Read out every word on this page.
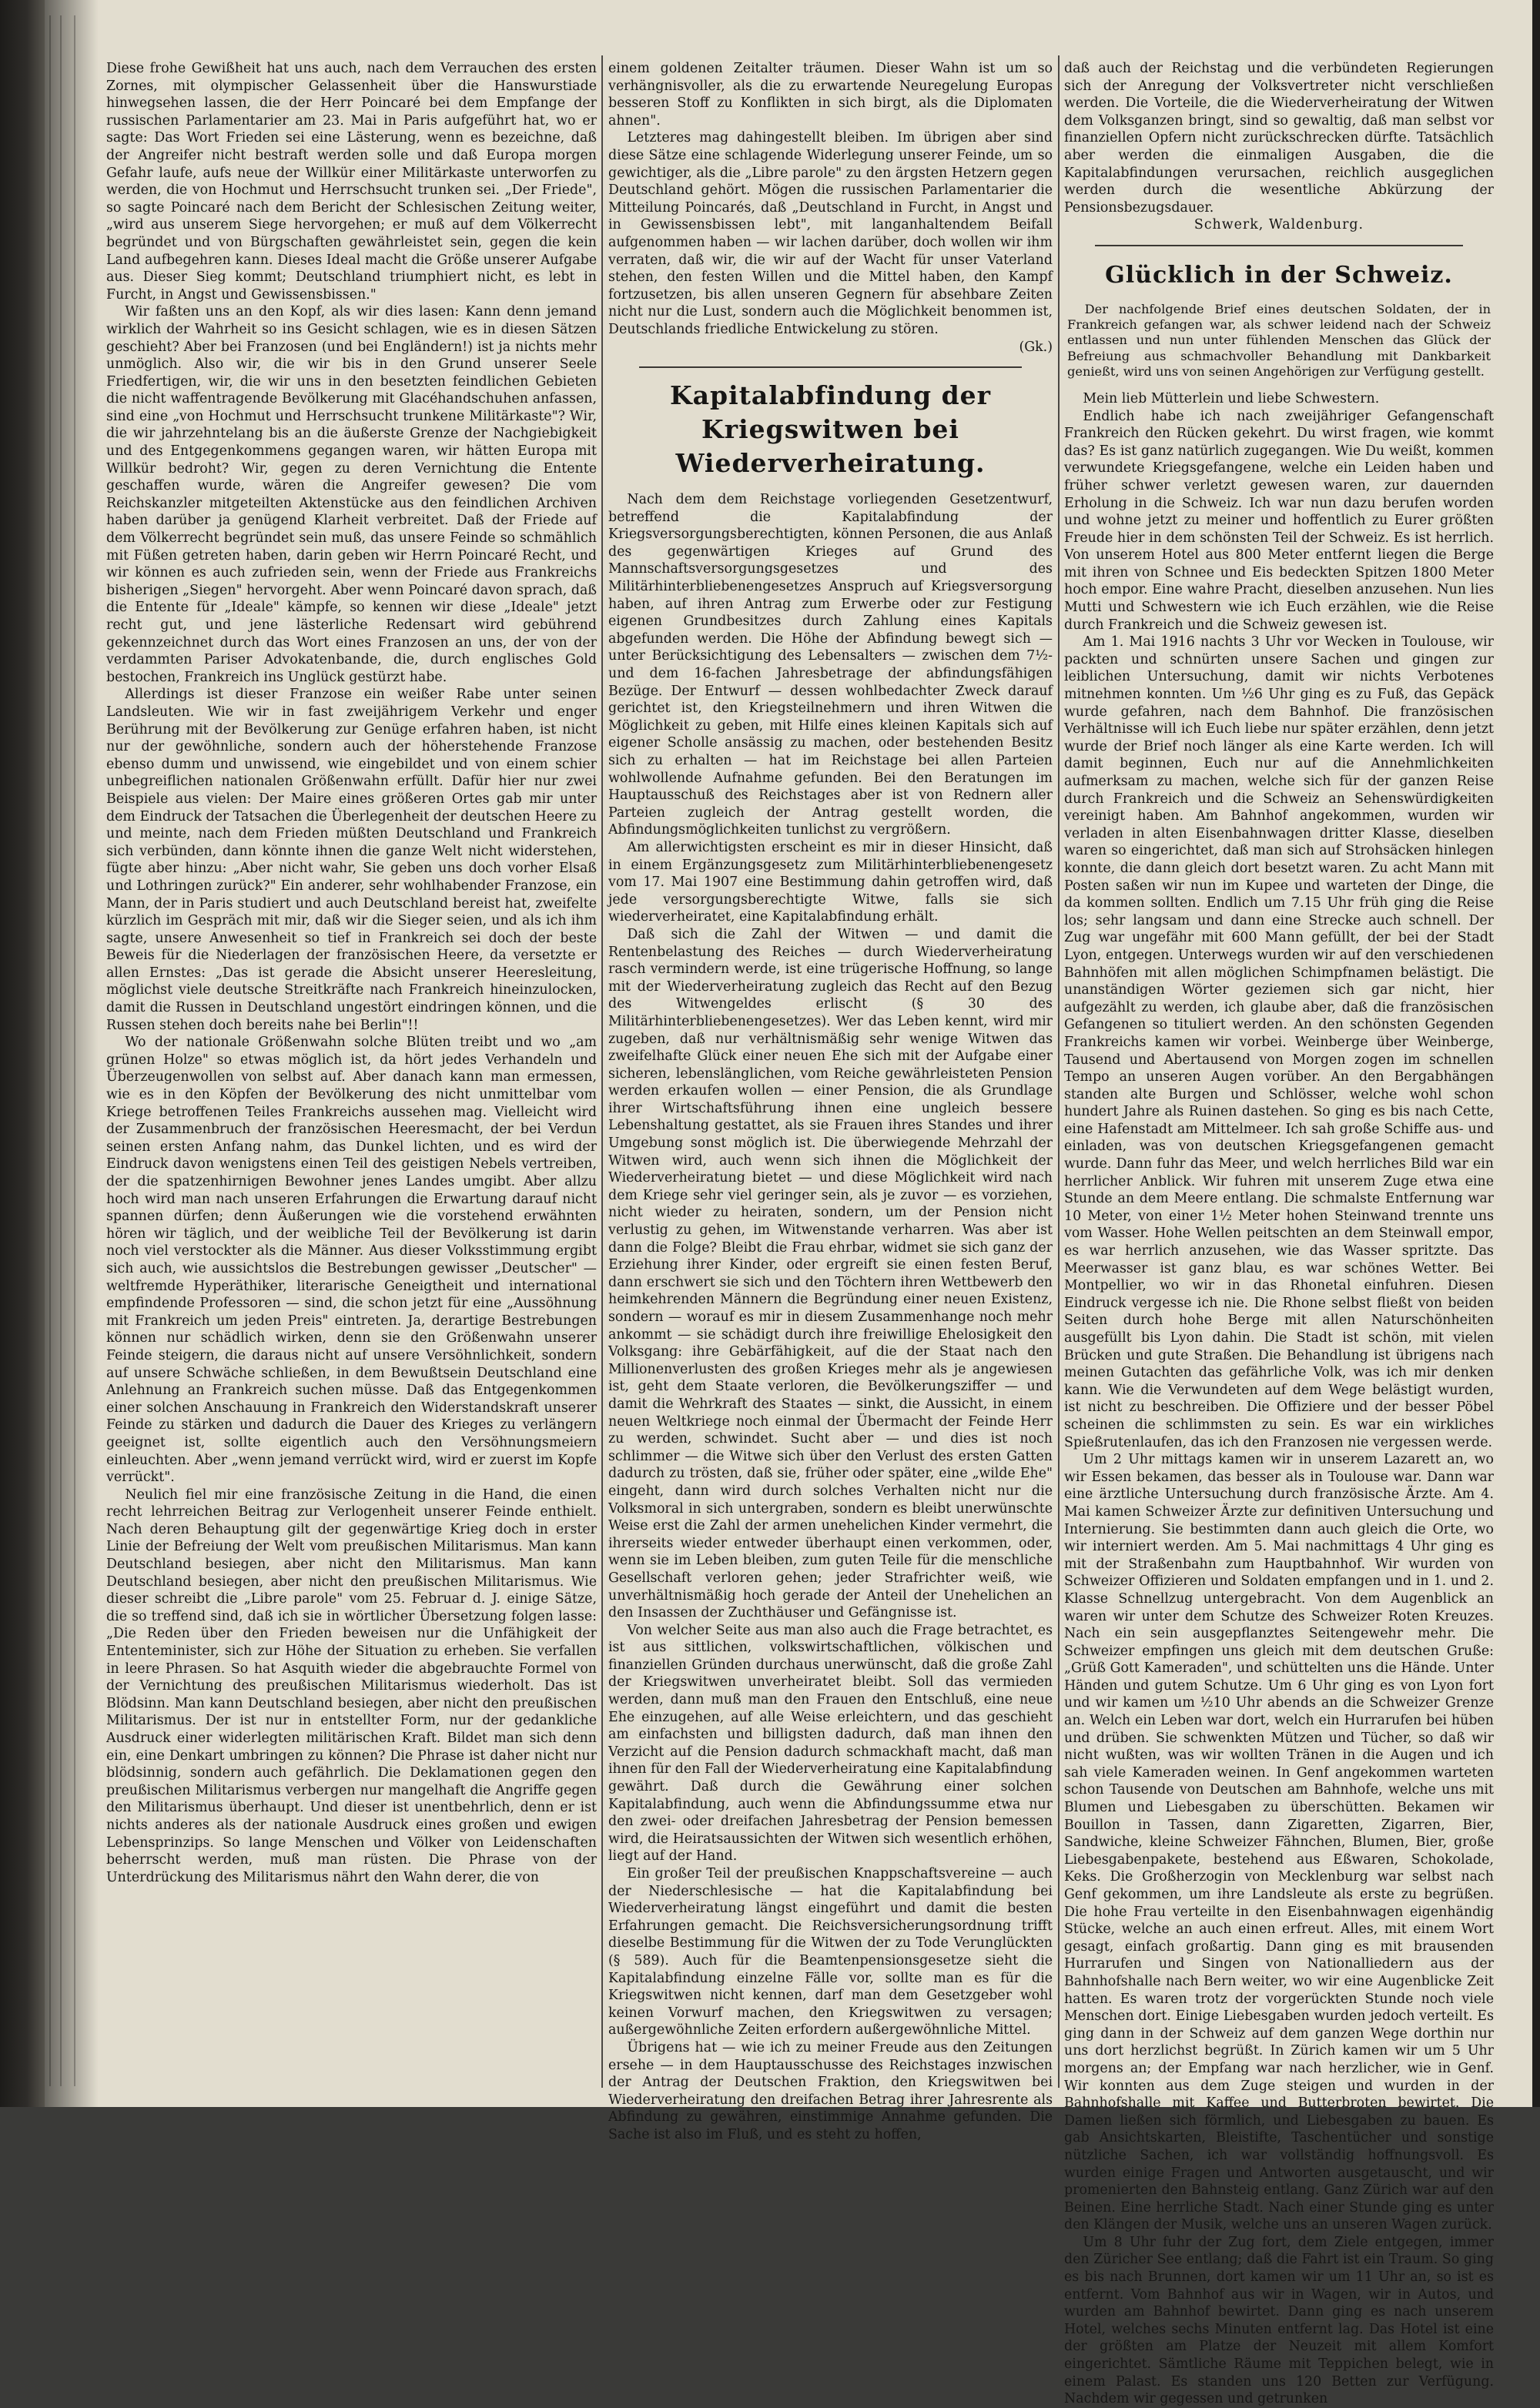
Diese frohe Gewißheit hat uns auch, nach dem Verrauchen des ersten Zornes, mit olympischer Gelassenheit über die Hanswurstiade hinwegsehen lassen, die der Herr Poincaré bei dem Empfange der russischen Parlamentarier am 23. Mai in Paris aufgeführt hat, wo er sagte: Das Wort Frieden sei eine Lästerung, wenn es bezeichne, daß der Angreifer nicht bestraft werden solle und daß Europa morgen Gefahr laufe, aufs neue der Willkür einer Militärkaste unterworfen zu werden, die von Hochmut und Herrschsucht trunken sei. „Der Friede", so sagte Poincaré nach dem Bericht der Schlesischen Zeitung weiter, „wird aus unserem Siege hervorgehen; er muß auf dem Völkerrecht begründet und von Bürgschaften gewährleistet sein, gegen die kein Land aufbegehren kann. Dieses Ideal macht die Größe unserer Aufgabe aus. Dieser Sieg kommt; Deutschland triumphiert nicht, es lebt in Furcht, in Angst und Gewissensbissen."

Wir faßten uns an den Kopf, als wir dies lasen: Kann denn jemand wirklich der Wahrheit so ins Gesicht schlagen, wie es in diesen Sätzen geschieht? Aber bei Franzosen (und bei Engländern!) ist ja nichts mehr unmöglich. Also wir, die wir bis in den Grund unserer Seele Friedfertigen, wir, die wir uns in den besetzten feindlichen Gebieten die nicht waffentragende Bevölkerung mit Glacéhandschuhen anfassen, sind eine „von Hochmut und Herrschsucht trunkene Militärkaste"? Wir, die wir jahrzehntelang bis an die äußerste Grenze der Nachgiebigkeit und des Entgegenkommens gegangen waren, wir hätten Europa mit Willkür bedroht? Wir, gegen zu deren Vernichtung die Entente geschaffen wurde, wären die Angreifer gewesen? Die vom Reichskanzler mitgeteilten Aktenstücke aus den feindlichen Archiven haben darüber ja genügend Klarheit verbreitet. Daß der Friede auf dem Völkerrecht begründet sein muß, das unsere Feinde so schmählich mit Füßen getreten haben, darin geben wir Herrn Poincaré Recht, und wir können es auch zufrieden sein, wenn der Friede aus Frankreichs bisherigen „Siegen" hervorgeht. Aber wenn Poincaré davon sprach, daß die Entente für „Ideale" kämpfe, so kennen wir diese „Ideale" jetzt recht gut, und jene lästerliche Redensart wird gebührend gekennzeichnet durch das Wort eines Franzosen an uns, der von der verdammten Pariser Advokatenbande, die, durch englisches Gold bestochen, Frankreich ins Unglück gestürzt habe.

Allerdings ist dieser Franzose ein weißer Rabe unter seinen Landsleuten. Wie wir in fast zweijährigem Verkehr und enger Berührung mit der Bevölkerung zur Genüge erfahren haben, ist nicht nur der gewöhnliche, sondern auch der höherstehende Franzose ebenso dumm und unwissend, wie eingebildet und von einem schier unbegreiflichen nationalen Größenwahn erfüllt. Dafür hier nur zwei Beispiele aus vielen: Der Maire eines größeren Ortes gab mir unter dem Eindruck der Tatsachen die Überlegenheit der deutschen Heere zu und meinte, nach dem Frieden müßten Deutschland und Frankreich sich verbünden, dann könnte ihnen die ganze Welt nicht widerstehen, fügte aber hinzu: „Aber nicht wahr, Sie geben uns doch vorher Elsaß und Lothringen zurück?" Ein anderer, sehr wohlhabender Franzose, ein Mann, der in Paris studiert und auch Deutschland bereist hat, zweifelte kürzlich im Gespräch mit mir, daß wir die Sieger seien, und als ich ihm sagte, unsere Anwesenheit so tief in Frankreich sei doch der beste Beweis für die Niederlagen der französischen Heere, da versetzte er allen Ernstes: „Das ist gerade die Absicht unserer Heeresleitung, möglichst viele deutsche Streitkräfte nach Frankreich hineinzulocken, damit die Russen in Deutschland ungestört eindringen können, und die Russen stehen doch bereits nahe bei Berlin"!!

Wo der nationale Größenwahn solche Blüten treibt und wo „am grünen Holze" so etwas möglich ist, da hört jedes Verhandeln und Überzeugenwollen von selbst auf. Aber danach kann man ermessen, wie es in den Köpfen der Bevölkerung des nicht unmittelbar vom Kriege betroffenen Teiles Frankreichs aussehen mag. Vielleicht wird der Zusammenbruch der französischen Heeresmacht, der bei Verdun seinen ersten Anfang nahm, das Dunkel lichten, und es wird der Eindruck davon wenigstens einen Teil des geistigen Nebels vertreiben, der die spatzenhirnigen Bewohner jenes Landes umgibt. Aber allzu hoch wird man nach unseren Erfahrungen die Erwartung darauf nicht spannen dürfen; denn Äußerungen wie die vorstehend erwähnten hören wir täglich, und der weibliche Teil der Bevölkerung ist darin noch viel verstockter als die Männer. Aus dieser Volksstimmung ergibt sich auch, wie aussichtslos die Bestrebungen gewisser „Deutscher" — weltfremde Hyperäthiker, literarische Geneigtheit und international empfindende Professoren — sind, die schon jetzt für eine „Aussöhnung mit Frankreich um jeden Preis" eintreten. Ja, derartige Bestrebungen können nur schädlich wirken, denn sie den Größenwahn unserer Feinde steigern, die daraus nicht auf unsere Versöhnlichkeit, sondern auf unsere Schwäche schließen, in dem Bewußtsein Deutschland eine Anlehnung an Frankreich suchen müsse. Daß das Entgegenkommen einer solchen Anschauung in Frankreich den Widerstandskraft unserer Feinde zu stärken und dadurch die Dauer des Krieges zu verlängern geeignet ist, sollte eigentlich auch den Versöhnungsmeiern einleuchten. Aber „wenn jemand verrückt wird, wird er zuerst im Kopfe verrückt".

Neulich fiel mir eine französische Zeitung in die Hand, die einen recht lehrreichen Beitrag zur Verlogenheit unserer Feinde enthielt. Nach deren Behauptung gilt der gegenwärtige Krieg doch in erster Linie der Befreiung der Welt vom preußischen Militarismus. Man kann Deutschland besiegen, aber nicht den Militarismus. Man kann Deutschland besiegen, aber nicht den preußischen Militarismus. Wie dieser schreibt die „Libre parole" vom 25. Februar d. J. einige Sätze, die so treffend sind, daß ich sie in wörtlicher Übersetzung folgen lasse: „Die Reden über den Frieden beweisen nur die Unfähigkeit der Ententeminister, sich zur Höhe der Situation zu erheben. Sie verfallen in leere Phrasen. So hat Asquith wieder die abgebrauchte Formel von der Vernichtung des preußischen Militarismus wiederholt. Das ist Blödsinn. Man kann Deutschland besiegen, aber nicht den preußischen Militarismus. Der ist nur in entstellter Form, nur der gedankliche Ausdruck einer widerlegten militärischen Kraft. Bildet man sich denn ein, eine Denkart umbringen zu können? Die Phrase ist daher nicht nur blödsinnig, sondern auch gefährlich. Die Deklamationen gegen den preußischen Militarismus verbergen nur mangelhaft die Angriffe gegen den Militarismus überhaupt. Und dieser ist unentbehrlich, denn er ist nichts anderes als der nationale Ausdruck eines großen und ewigen Lebensprinzips. So lange Menschen und Völker von Leidenschaften beherrscht werden, muß man rüsten. Die Phrase von der Unterdrückung des Militarismus nährt den Wahn derer, die von

einem goldenen Zeitalter träumen. Dieser Wahn ist um so verhängnisvoller, als die zu erwartende Neuregelung Europas besseren Stoff zu Konflikten in sich birgt, als die Diplomaten ahnen".

Letzteres mag dahingestellt bleiben. Im übrigen aber sind diese Sätze eine schlagende Widerlegung unserer Feinde, um so gewichtiger, als die „Libre parole" zu den ärgsten Hetzern gegen Deutschland gehört. Mögen die russischen Parlamentarier die Mitteilung Poincarés, daß „Deutschland in Furcht, in Angst und in Gewissensbissen lebt", mit langanhaltendem Beifall aufgenommen haben — wir lachen darüber, doch wollen wir ihm verraten, daß wir, die wir auf der Wacht für unser Vaterland stehen, den festen Willen und die Mittel haben, den Kampf fortzusetzen, bis allen unseren Gegnern für absehbare Zeiten nicht nur die Lust, sondern auch die Möglichkeit benommen ist, Deutschlands friedliche Entwickelung zu stören.

(Gk.)

Kapitalabfindung der Kriegswitwen bei Wiederverheiratung.

Nach dem dem Reichstage vorliegenden Gesetzentwurf, betreffend die Kapitalabfindung der Kriegsversorgungsberechtigten, können Personen, die aus Anlaß des gegenwärtigen Krieges auf Grund des Mannschaftsversorgungsgesetzes und des Militärhinterbliebenengesetzes Anspruch auf Kriegsversorgung haben, auf ihren Antrag zum Erwerbe oder zur Festigung eigenen Grundbesitzes durch Zahlung eines Kapitals abgefunden werden. Die Höhe der Abfindung bewegt sich — unter Berücksichtigung des Lebensalters — zwischen dem 7½- und dem 16-fachen Jahresbetrage der abfindungsfähigen Bezüge. Der Entwurf — dessen wohlbedachter Zweck darauf gerichtet ist, den Kriegsteilnehmern und ihren Witwen die Möglichkeit zu geben, mit Hilfe eines kleinen Kapitals sich auf eigener Scholle ansässig zu machen, oder bestehenden Besitz sich zu erhalten — hat im Reichstage bei allen Parteien wohlwollende Aufnahme gefunden. Bei den Beratungen im Hauptausschuß des Reichstages aber ist von Rednern aller Parteien zugleich der Antrag gestellt worden, die Abfindungsmöglichkeiten tunlichst zu vergrößern.

Am allerwichtigsten erscheint es mir in dieser Hinsicht, daß in einem Ergänzungsgesetz zum Militärhinterbliebenengesetz vom 17. Mai 1907 eine Bestimmung dahin getroffen wird, daß jede versorgungsberechtigte Witwe, falls sie sich wiederverheiratet, eine Kapitalabfindung erhält.

Daß sich die Zahl der Witwen — und damit die Rentenbelastung des Reiches — durch Wiederverheiratung rasch vermindern werde, ist eine trügerische Hoffnung, so lange mit der Wiederverheiratung zugleich das Recht auf den Bezug des Witwengeldes erlischt (§ 30 des Militärhinterbliebenengesetzes). Wer das Leben kennt, wird mir zugeben, daß nur verhältnismäßig sehr wenige Witwen das zweifelhafte Glück einer neuen Ehe sich mit der Aufgabe einer sicheren, lebenslänglichen, vom Reiche gewährleisteten Pension werden erkaufen wollen — einer Pension, die als Grundlage ihrer Wirtschaftsführung ihnen eine ungleich bessere Lebenshaltung gestattet, als sie Frauen ihres Standes und ihrer Umgebung sonst möglich ist. Die überwiegende Mehrzahl der Witwen wird, auch wenn sich ihnen die Möglichkeit der Wiederverheiratung bietet — und diese Möglichkeit wird nach dem Kriege sehr viel geringer sein, als je zuvor — es vorziehen, nicht wieder zu heiraten, sondern, um der Pension nicht verlustig zu gehen, im Witwenstande verharren. Was aber ist dann die Folge? Bleibt die Frau ehrbar, widmet sie sich ganz der Erziehung ihrer Kinder, oder ergreift sie einen festen Beruf, dann erschwert sie sich und den Töchtern ihren Wettbewerb den heimkehrenden Männern die Begründung einer neuen Existenz, sondern — worauf es mir in diesem Zusammenhange noch mehr ankommt — sie schädigt durch ihre freiwillige Ehelosigkeit den Volksgang: ihre Gebärfähigkeit, auf die der Staat nach den Millionenverlusten des großen Krieges mehr als je angewiesen ist, geht dem Staate verloren, die Bevölkerungsziffer — und damit die Wehrkraft des Staates — sinkt, die Aussicht, in einem neuen Weltkriege noch einmal der Übermacht der Feinde Herr zu werden, schwindet. Sucht aber — und dies ist noch schlimmer — die Witwe sich über den Verlust des ersten Gatten dadurch zu trösten, daß sie, früher oder später, eine „wilde Ehe" eingeht, dann wird durch solches Verhalten nicht nur die Volksmoral in sich untergraben, sondern es bleibt unerwünschte Weise erst die Zahl der armen unehelichen Kinder vermehrt, die ihrerseits wieder entweder überhaupt einen verkommen, oder, wenn sie im Leben bleiben, zum guten Teile für die menschliche Gesellschaft verloren gehen; jeder Strafrichter weiß, wie unverhältnismäßig hoch gerade der Anteil der Unehelichen an den Insassen der Zuchthäuser und Gefängnisse ist.

Von welcher Seite aus man also auch die Frage betrachtet, es ist aus sittlichen, volkswirtschaftlichen, völkischen und finanziellen Gründen durchaus unerwünscht, daß die große Zahl der Kriegswitwen unverheiratet bleibt. Soll das vermieden werden, dann muß man den Frauen den Entschluß, eine neue Ehe einzugehen, auf alle Weise erleichtern, und das geschieht am einfachsten und billigsten dadurch, daß man ihnen den Verzicht auf die Pension dadurch schmackhaft macht, daß man ihnen für den Fall der Wiederverheiratung eine Kapitalabfindung gewährt. Daß durch die Gewährung einer solchen Kapitalabfindung, auch wenn die Abfindungssumme etwa nur den zwei- oder dreifachen Jahresbetrag der Pension bemessen wird, die Heiratsaussichten der Witwen sich wesentlich erhöhen, liegt auf der Hand.

Ein großer Teil der preußischen Knappschaftsvereine — auch der Niederschlesische — hat die Kapitalabfindung bei Wiederverheiratung längst eingeführt und damit die besten Erfahrungen gemacht. Die Reichsversicherungsordnung trifft dieselbe Bestimmung für die Witwen der zu Tode Verunglückten (§ 589). Auch für die Beamtenpensionsgesetze sieht die Kapitalabfindung einzelne Fälle vor, sollte man es für die Kriegswitwen nicht kennen, darf man dem Gesetzgeber wohl keinen Vorwurf machen, den Kriegswitwen zu versagen; außergewöhnliche Zeiten erfordern außergewöhnliche Mittel.

Übrigens hat — wie ich zu meiner Freude aus den Zeitungen ersehe — in dem Hauptausschusse des Reichstages inzwischen der Antrag der Deutschen Fraktion, den Kriegswitwen bei Wiederverheiratung den dreifachen Betrag ihrer Jahresrente als Abfindung zu gewähren, einstimmige Annahme gefunden. Die Sache ist also im Fluß, und es steht zu hoffen,

daß auch der Reichstag und die verbündeten Regierungen sich der Anregung der Volksvertreter nicht verschließen werden. Die Vorteile, die die Wiederverheiratung der Witwen dem Volksganzen bringt, sind so gewaltig, daß man selbst vor finanziellen Opfern nicht zurückschrecken dürfte. Tatsächlich aber werden die einmaligen Ausgaben, die die Kapitalabfindungen verursachen, reichlich ausgeglichen werden durch die wesentliche Abkürzung der Pensionsbezugsdauer.

Schwerk, Waldenburg.

Glücklich in der Schweiz.

Der nachfolgende Brief eines deutschen Soldaten, der in Frankreich gefangen war, als schwer leidend nach der Schweiz entlassen und nun unter fühlenden Menschen das Glück der Befreiung aus schmachvoller Behandlung mit Dankbarkeit genießt, wird uns von seinen Angehörigen zur Verfügung gestellt.

Mein lieb Mütterlein und liebe Schwestern.

Endlich habe ich nach zweijähriger Gefangenschaft Frankreich den Rücken gekehrt. Du wirst fragen, wie kommt das? Es ist ganz natürlich zugegangen. Wie Du weißt, kommen verwundete Kriegsgefangene, welche ein Leiden haben und früher schwer verletzt gewesen waren, zur dauernden Erholung in die Schweiz. Ich war nun dazu berufen worden und wohne jetzt zu meiner und hoffentlich zu Eurer größten Freude hier in dem schönsten Teil der Schweiz. Es ist herrlich. Von unserem Hotel aus 800 Meter entfernt liegen die Berge mit ihren von Schnee und Eis bedeckten Spitzen 1800 Meter hoch empor. Eine wahre Pracht, dieselben anzusehen. Nun lies Mutti und Schwestern wie ich Euch erzählen, wie die Reise durch Frankreich und die Schweiz gewesen ist.

Am 1. Mai 1916 nachts 3 Uhr vor Wecken in Toulouse, wir packten und schnürten unsere Sachen und gingen zur leiblichen Untersuchung, damit wir nichts Verbotenes mitnehmen konnten. Um ½6 Uhr ging es zu Fuß, das Gepäck wurde gefahren, nach dem Bahnhof. Die französischen Verhältnisse will ich Euch liebe nur später erzählen, denn jetzt wurde der Brief noch länger als eine Karte werden. Ich will damit beginnen, Euch nur auf die Annehmlichkeiten aufmerksam zu machen, welche sich für der ganzen Reise durch Frankreich und die Schweiz an Sehenswürdigkeiten vereinigt haben. Am Bahnhof angekommen, wurden wir verladen in alten Eisenbahnwagen dritter Klasse, dieselben waren so eingerichtet, daß man sich auf Strohsäcken hinlegen konnte, die dann gleich dort besetzt waren. Zu acht Mann mit Posten saßen wir nun im Kupee und warteten der Dinge, die da kommen sollten. Endlich um 7.15 Uhr früh ging die Reise los; sehr langsam und dann eine Strecke auch schnell. Der Zug war ungefähr mit 600 Mann gefüllt, der bei der Stadt Lyon, entgegen. Unterwegs wurden wir auf den verschiedenen Bahnhöfen mit allen möglichen Schimpfnamen belästigt. Die unanständigen Wörter geziemen sich gar nicht, hier aufgezählt zu werden, ich glaube aber, daß die französischen Gefangenen so tituliert werden. An den schönsten Gegenden Frankreichs kamen wir vorbei. Weinberge über Weinberge, Tausend und Abertausend von Morgen zogen im schnellen Tempo an unseren Augen vorüber. An den Bergabhängen standen alte Burgen und Schlösser, welche wohl schon hundert Jahre als Ruinen dastehen. So ging es bis nach Cette, eine Hafenstadt am Mittelmeer. Ich sah große Schiffe aus- und einladen, was von deutschen Kriegsgefangenen gemacht wurde. Dann fuhr das Meer, und welch herrliches Bild war ein herrlicher Anblick. Wir fuhren mit unserem Zuge etwa eine Stunde an dem Meere entlang. Die schmalste Entfernung war 10 Meter, von einer 1½ Meter hohen Steinwand trennte uns vom Wasser. Hohe Wellen peitschten an dem Steinwall empor, es war herrlich anzusehen, wie das Wasser spritzte. Das Meerwasser ist ganz blau, es war schönes Wetter. Bei Montpellier, wo wir in das Rhonetal einfuhren. Diesen Eindruck vergesse ich nie. Die Rhone selbst fließt von beiden Seiten durch hohe Berge mit allen Naturschönheiten ausgefüllt bis Lyon dahin. Die Stadt ist schön, mit vielen Brücken und gute Straßen. Die Behandlung ist übrigens nach meinen Gutachten das gefährliche Volk, was ich mir denken kann. Wie die Verwundeten auf dem Wege belästigt wurden, ist nicht zu beschreiben. Die Offiziere und der besser Pöbel scheinen die schlimmsten zu sein. Es war ein wirkliches Spießrutenlaufen, das ich den Franzosen nie vergessen werde.

Um 2 Uhr mittags kamen wir in unserem Lazarett an, wo wir Essen bekamen, das besser als in Toulouse war. Dann war eine ärztliche Untersuchung durch französische Ärzte. Am 4. Mai kamen Schweizer Ärzte zur definitiven Untersuchung und Internierung. Sie bestimmten dann auch gleich die Orte, wo wir interniert werden. Am 5. Mai nachmittags 4 Uhr ging es mit der Straßenbahn zum Hauptbahnhof. Wir wurden von Schweizer Offizieren und Soldaten empfangen und in 1. und 2. Klasse Schnellzug untergebracht. Von dem Augenblick an waren wir unter dem Schutze des Schweizer Roten Kreuzes. Nach ein sein ausgepflanztes Seitengewehr mehr. Die Schweizer empfingen uns gleich mit dem deutschen Gruße: „Grüß Gott Kameraden", und schüttelten uns die Hände. Unter Händen und gutem Schutze. Um 6 Uhr ging es von Lyon fort und wir kamen um ½10 Uhr abends an die Schweizer Grenze an. Welch ein Leben war dort, welch ein Hurrarufen bei hüben und drüben. Sie schwenkten Mützen und Tücher, so daß wir nicht wußten, was wir wollten Tränen in die Augen und ich sah viele Kameraden weinen. In Genf angekommen warteten schon Tausende von Deutschen am Bahnhofe, welche uns mit Blumen und Liebesgaben zu überschütten. Bekamen wir Bouillon in Tassen, dann Zigaretten, Zigarren, Bier, Sandwiche, kleine Schweizer Fähnchen, Blumen, Bier, große Liebesgabenpakete, bestehend aus Eßwaren, Schokolade, Keks. Die Großherzogin von Mecklenburg war selbst nach Genf gekommen, um ihre Landsleute als erste zu begrüßen. Die hohe Frau verteilte in den Eisenbahnwagen eigenhändig Stücke, welche an auch einen erfreut. Alles, mit einem Wort gesagt, einfach großartig. Dann ging es mit brausenden Hurrarufen und Singen von Nationalliedern aus der Bahnhofshalle nach Bern weiter, wo wir eine Augenblicke Zeit hatten. Es waren trotz der vorgerückten Stunde noch viele Menschen dort. Einige Liebesgaben wurden jedoch verteilt. Es ging dann in der Schweiz auf dem ganzen Wege dorthin nur uns dort herzlichst begrüßt. In Zürich kamen wir um 5 Uhr morgens an; der Empfang war nach herzlicher, wie in Genf. Wir konnten aus dem Zuge steigen und wurden in der Bahnhofshalle mit Kaffee und Butterbroten bewirtet. Die Damen ließen sich förmlich, und Liebesgaben zu bauen. Es gab Ansichtskarten, Bleistifte, Taschentücher und sonstige nützliche Sachen, ich war vollständig hoffnungsvoll. Es wurden einige Fragen und Antworten ausgetauscht, und wir promenierten den Bahnsteig entlang. Ganz Zürich war auf den Beinen. Eine herrliche Stadt. Nach einer Stunde ging es unter den Klängen der Musik, welche uns an unseren Wagen zurück.

Um 8 Uhr fuhr der Zug fort, dem Ziele entgegen, immer den Züricher See entlang; daß die Fahrt ist ein Traum. So ging es bis nach Brunnen, dort kamen wir um 11 Uhr an, so ist es entfernt. Vom Bahnhof aus wir in Wagen, wir in Autos, und wurden am Bahnhof bewirtet. Dann ging es nach unserem Hotel, welches sechs Minuten entfernt lag. Das Hotel ist eine der größten am Platze der Neuzeit mit allem Komfort eingerichtet. Sämtliche Räume mit Teppichen belegt, wie in einem Palast. Es standen uns 120 Betten zur Verfügung. Nachdem wir gegessen und getrunken
